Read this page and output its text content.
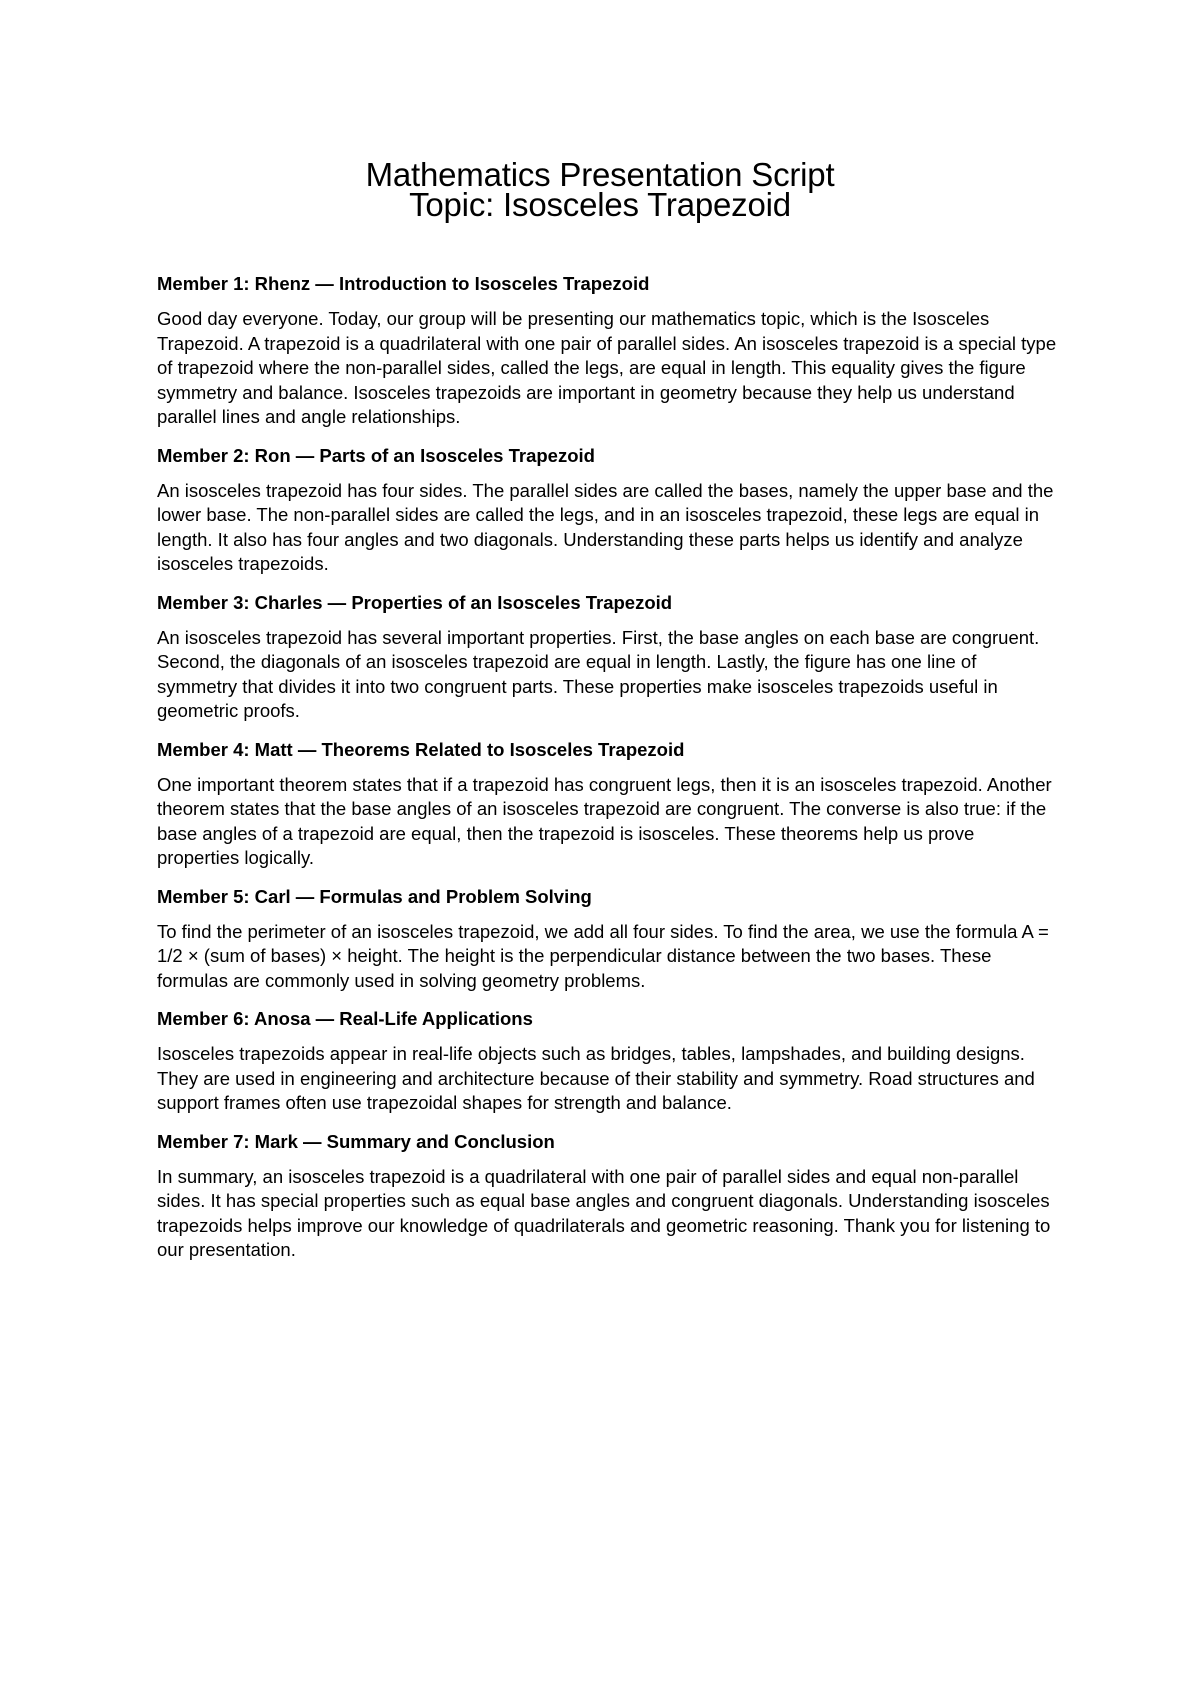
Mathematics Presentation Script

Topic: Isosceles Trapezoid

Member 1: Rhenz — Introduction to Isosceles Trapezoid

Good day everyone. Today, our group will be presenting our mathematics topic, which is the Isosceles Trapezoid. A trapezoid is a quadrilateral with one pair of parallel sides. An isosceles trapezoid is a special type of trapezoid where the non-parallel sides, called the legs, are equal in length. This equality gives the figure symmetry and balance. Isosceles trapezoids are important in geometry because they help us understand parallel lines and angle relationships.

Member 2: Ron — Parts of an Isosceles Trapezoid

An isosceles trapezoid has four sides. The parallel sides are called the bases, namely the upper base and the lower base. The non-parallel sides are called the legs, and in an isosceles trapezoid, these legs are equal in length. It also has four angles and two diagonals. Understanding these parts helps us identify and analyze isosceles trapezoids.

Member 3: Charles — Properties of an Isosceles Trapezoid

An isosceles trapezoid has several important properties. First, the base angles on each base are congruent. Second, the diagonals of an isosceles trapezoid are equal in length. Lastly, the figure has one line of symmetry that divides it into two congruent parts. These properties make isosceles trapezoids useful in geometric proofs.

Member 4: Matt — Theorems Related to Isosceles Trapezoid

One important theorem states that if a trapezoid has congruent legs, then it is an isosceles trapezoid. Another theorem states that the base angles of an isosceles trapezoid are congruent. The converse is also true: if the base angles of a trapezoid are equal, then the trapezoid is isosceles. These theorems help us prove properties logically.

Member 5: Carl — Formulas and Problem Solving

To find the perimeter of an isosceles trapezoid, we add all four sides. To find the area, we use the formula A = 1/2 × (sum of bases) × height. The height is the perpendicular distance between the two bases. These formulas are commonly used in solving geometry problems.

Member 6: Anosa — Real-Life Applications

Isosceles trapezoids appear in real-life objects such as bridges, tables, lampshades, and building designs. They are used in engineering and architecture because of their stability and symmetry. Road structures and support frames often use trapezoidal shapes for strength and balance.

Member 7: Mark — Summary and Conclusion

In summary, an isosceles trapezoid is a quadrilateral with one pair of parallel sides and equal non-parallel sides. It has special properties such as equal base angles and congruent diagonals. Understanding isosceles trapezoids helps improve our knowledge of quadrilaterals and geometric reasoning. Thank you for listening to our presentation.
